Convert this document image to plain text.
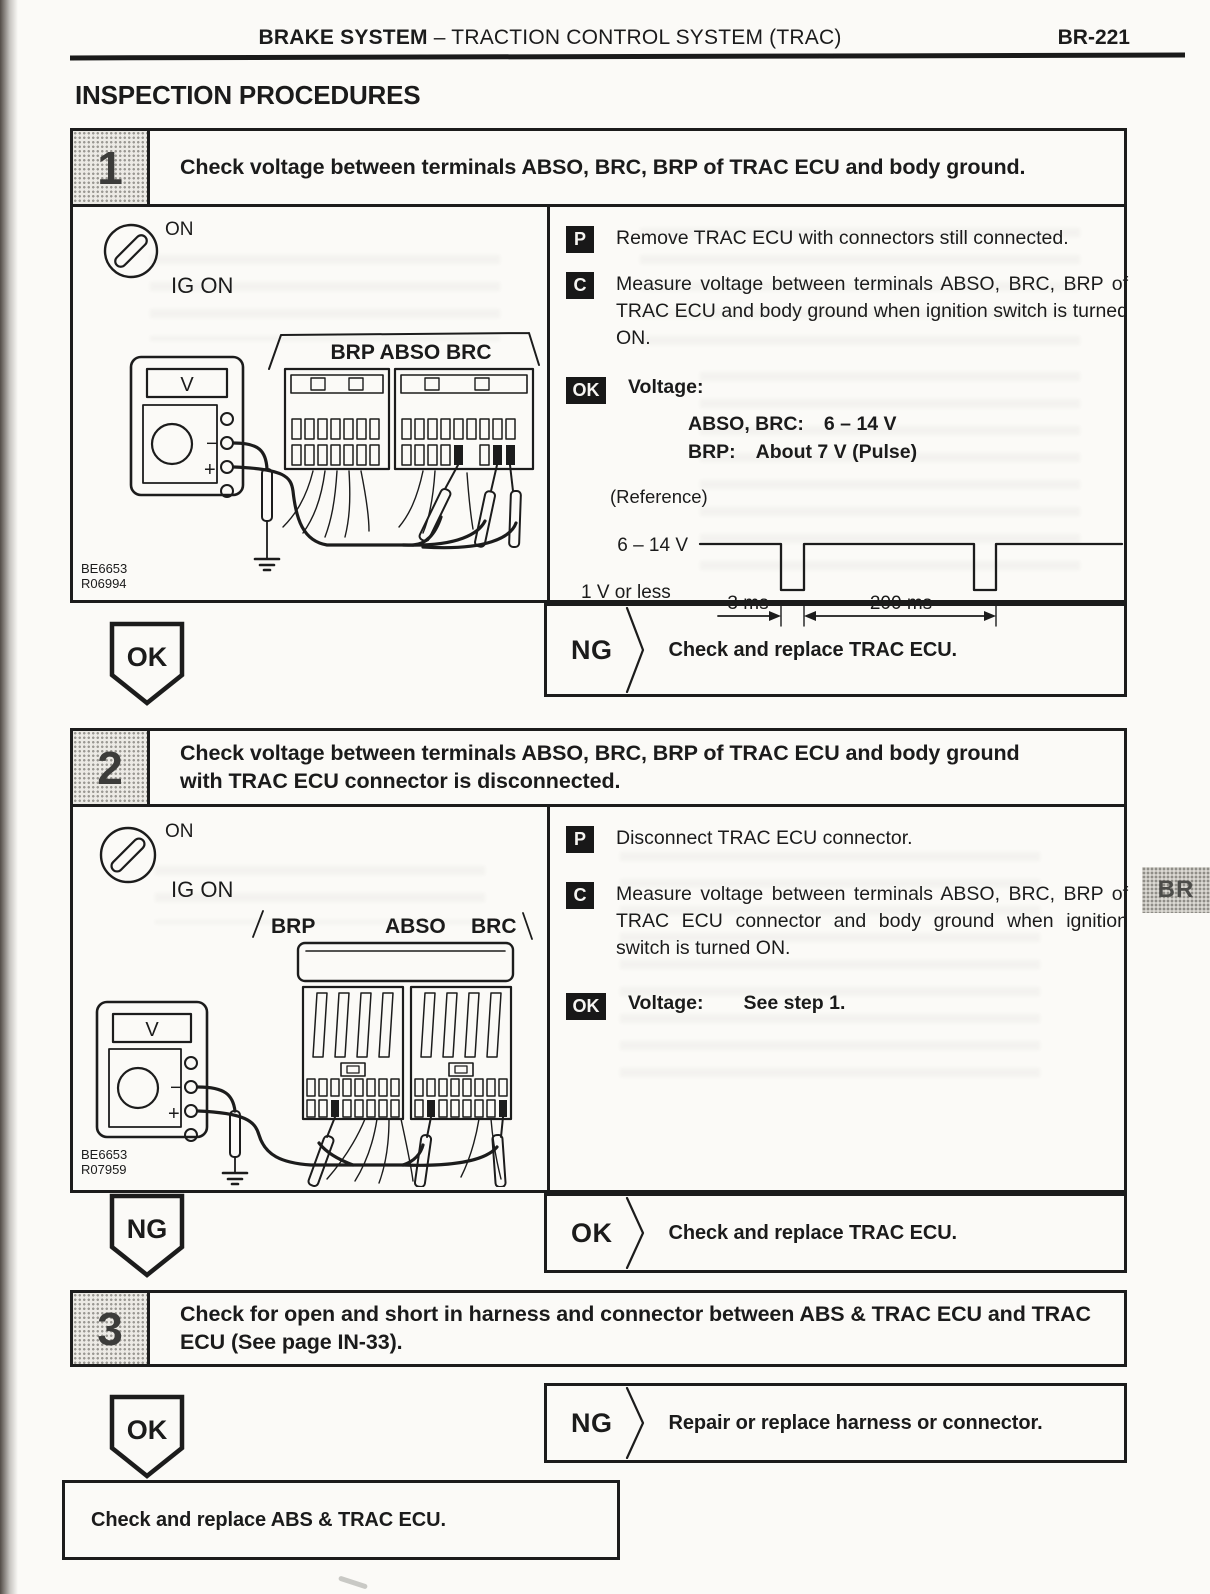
BRAKE SYSTEM – TRACTION CONTROL SYSTEM (TRAC)	BR-221
INSPECTION PROCEDURES
1	Check voltage between terminals ABSO, BRC, BRP of TRAC ECU and body ground.
ON
IG ON
BRP ABSO BRC
V
−
+
BE6653
R06994
P	Remove TRAC ECU with connectors still connected.
C	Measure voltage between terminals ABSO, BRC, BRP of TRAC ECU and body ground when ignition switch is turned ON.
OK	Voltage:
ABSO, BRC: 6 – 14 V
BRP: About 7 V (Pulse)
(Reference)
6 – 14 V
1 V or less
3 ms	200 ms
OK	NG	Check and replace TRAC ECU.
2	Check voltage between terminals ABSO, BRC, BRP of TRAC ECU and body ground with TRAC ECU connector is disconnected.
ON
IG ON
BRP	ABSO BRC
V
−
+
BE6653
R07959
P	Disconnect TRAC ECU connector.
C	Measure voltage between terminals ABSO, BRC, BRP of TRAC ECU connector and body ground when ignition switch is turned ON.
OK	Voltage: See step 1.
NG	OK	Check and replace TRAC ECU.
3	Check for open and short in harness and connector between ABS & TRAC ECU and TRAC ECU (See page IN-33).
OK	NG	Repair or replace harness or connector.
Check and replace ABS & TRAC ECU.
BR
